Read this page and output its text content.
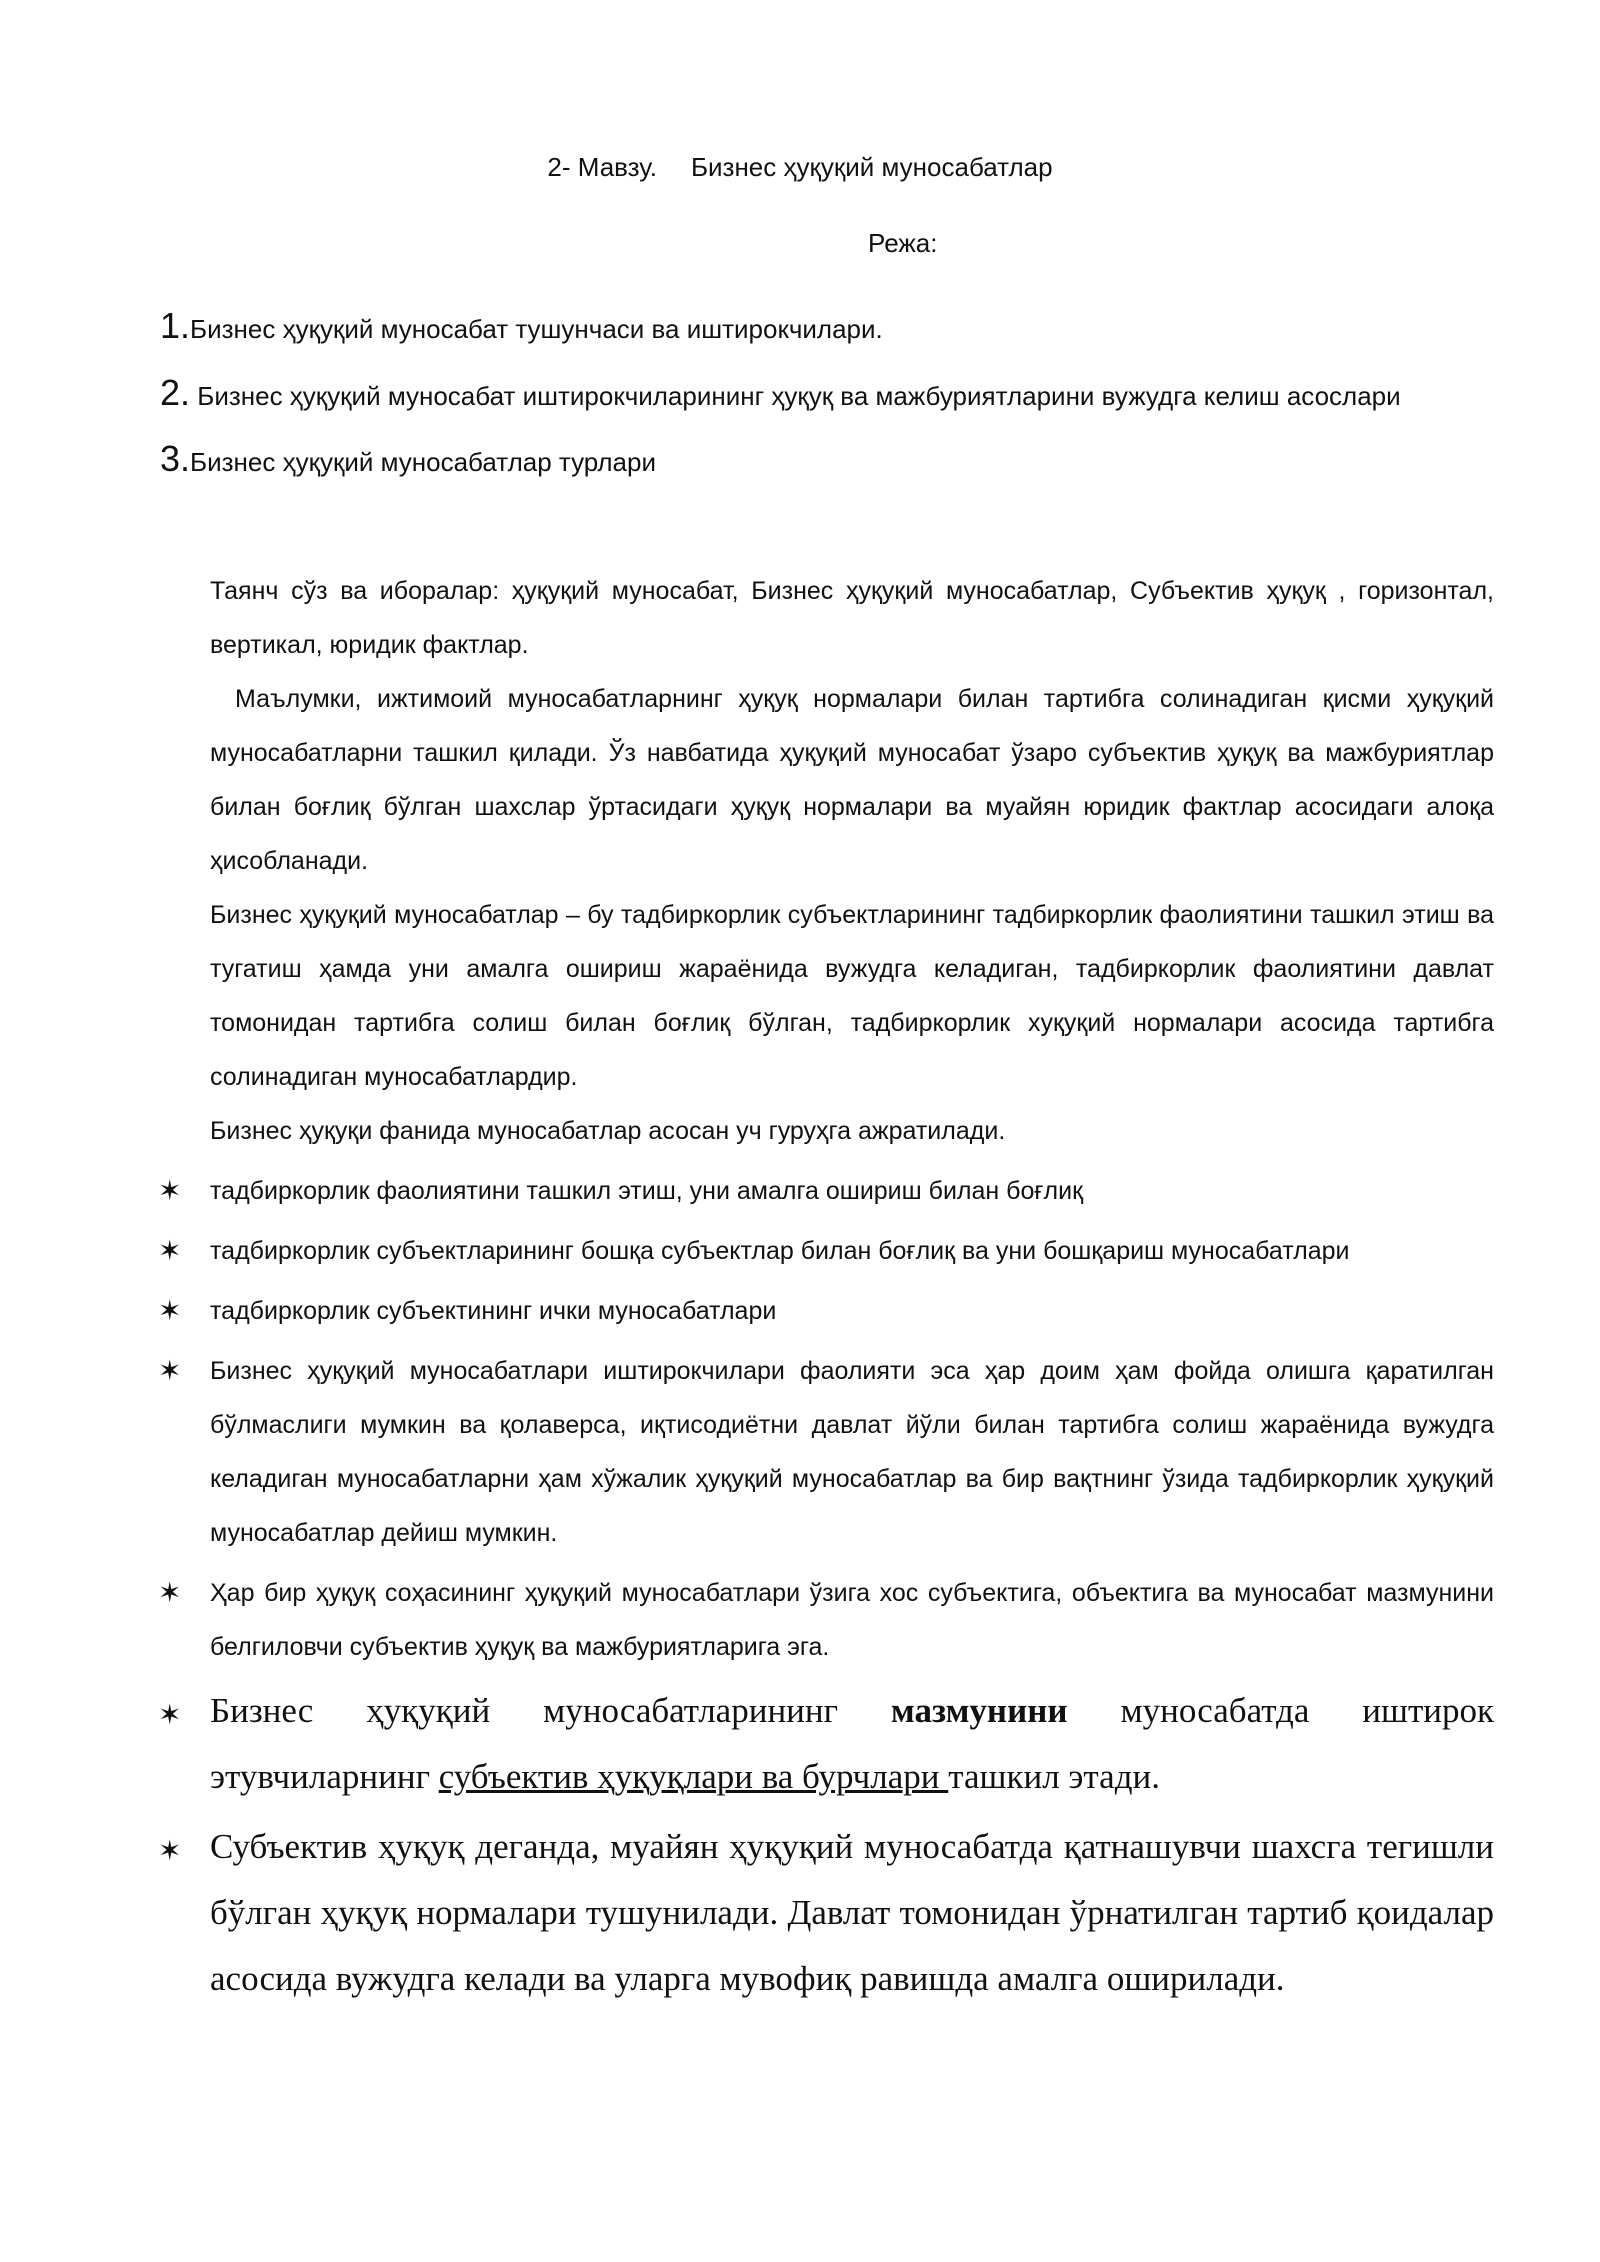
2- Мавзу. Бизнес ҳуқуқий муносабатлар
Режа:
1.Бизнес ҳуқуқий муносабат тушунчаси ва иштирокчилари.
2. Бизнес ҳуқуқий муносабат иштирокчиларининг ҳуқуқ ва мажбуриятларини вужудга келиш асослари
3.Бизнес ҳуқуқий муносабатлар турлари

Таянч сўз ва иборалар: ҳуқуқий муносабат, Бизнес ҳуқуқий муносабатлар, Субъектив ҳуқуқ , горизонтал, вертикал, юридик фактлар.

Маълумки, ижтимоий муносабатларнинг ҳуқуқ нормалари билан тартибга солинадиган қисми ҳуқуқий муносабатларни ташкил қилади. Ўз навбатида ҳуқуқий муносабат ўзаро субъектив ҳуқуқ ва мажбуриятлар билан боғлиқ бўлган шахслар ўртасидаги ҳуқуқ нормалари ва муайян юридик фактлар асосидаги алоқа ҳисобланади.

Бизнес ҳуқуқий муносабатлар – бу тадбиркорлик субъектларининг тадбиркорлик фаолиятини ташкил этиш ва тугатиш ҳамда уни амалга ошириш жараёнида вужудга келадиган, тадбиркорлик фаолиятини давлат томонидан тартибга солиш билан боғлиқ бўлган, тадбиркорлик хуқуқий нормалари асосида тартибга солинадиган муносабатлардир.

Бизнес ҳуқуқи фанида муносабатлар асосан уч гуруҳга ажратилади.

✶ тадбиркорлик фаолиятини ташкил этиш, уни амалга ошириш билан боғлиқ
✶ тадбиркорлик субъектларининг бошқа субъектлар билан боғлиқ ва уни бошқариш муносабатлари
✶ тадбиркорлик субъектининг ички муносабатлари
✶ Бизнес ҳуқуқий муносабатлари иштирокчилари фаолияти эса ҳар доим ҳам фойда олишга қаратилган бўлмаслиги мумкин ва қолаверса, иқтисодиётни давлат йўли билан тартибга солиш жараёнида вужудга келадиган муносабатларни ҳам хўжалик ҳуқуқий муносабатлар ва бир вақтнинг ўзида тадбиркорлик ҳуқуқий муносабатлар дейиш мумкин.
✶ Ҳар бир ҳуқуқ соҳасининг ҳуқуқий муносабатлари ўзига хос субъектига, объектига ва муносабат мазмунини белгиловчи субъектив ҳуқуқ ва мажбуриятларига эга.
✶ Бизнес ҳуқуқий муносабатларининг мазмунини муносабатда иштирок этувчиларнинг субъектив ҳуқуқлари ва бурчлари ташкил этади.
✶ Субъектив ҳуқуқ деганда, муайян ҳуқуқий муносабатда қатнашувчи шахсга тегишли бўлган ҳуқуқ нормалари тушунилади. Давлат томонидан ўрнатилган тартиб қоидалар асосида вужудга келади ва уларга мувофиқ равишда амалга оширилади.
